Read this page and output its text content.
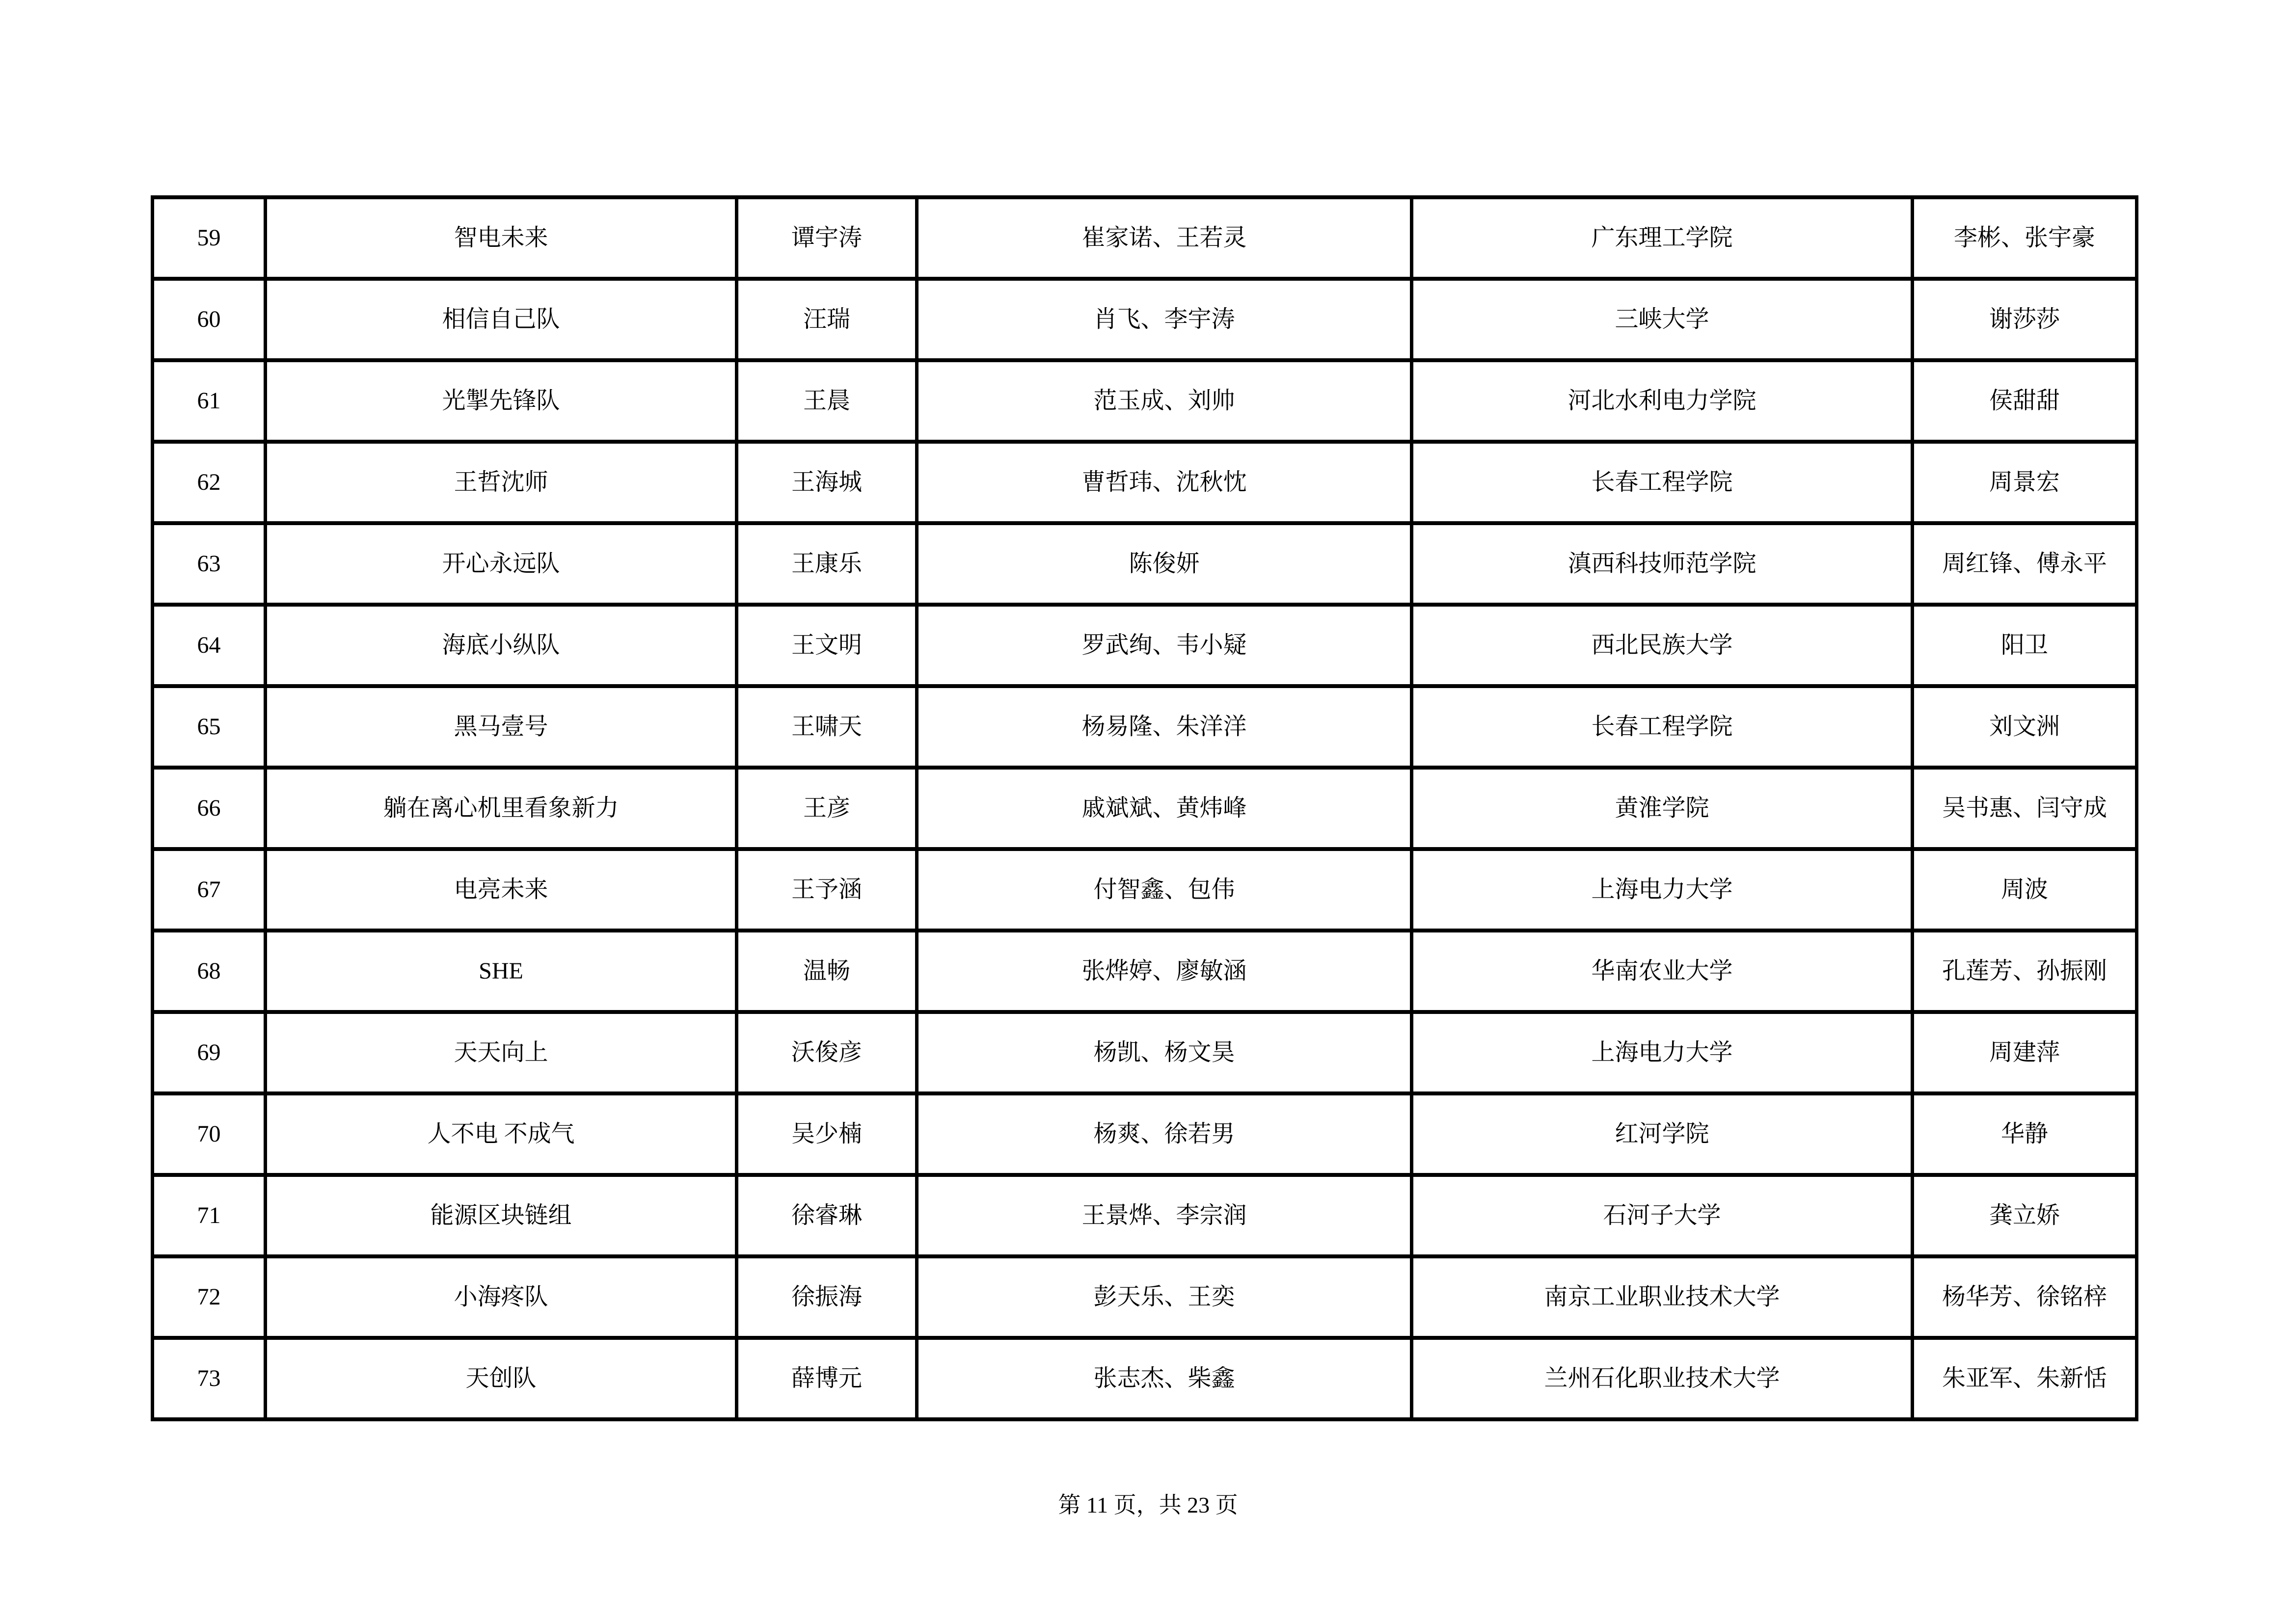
59	智电未来	谭宇涛	崔家诺、王若灵	广东理工学院	李彬、张宇豪
60	相信自己队	汪瑞	肖飞、李宇涛	三峡大学	谢莎莎
61	光掣先锋队	王晨	范玉成、刘帅	河北水利电力学院	侯甜甜
62	王哲沈师	王海城	曹哲玮、沈秋忱	长春工程学院	周景宏
63	开心永远队	王康乐	陈俊妍	滇西科技师范学院	周红锋、傅永平
64	海底小纵队	王文明	罗武绚、韦小疑	西北民族大学	阳卫
65	黑马壹号	王啸天	杨易隆、朱洋洋	长春工程学院	刘文洲
66	躺在离心机里看象新力	王彦	戚斌斌、黄炜峰	黄淮学院	吴书惠、闫守成
67	电亮未来	王予涵	付智鑫、包伟	上海电力大学	周波
68	SHE	温畅	张烨婷、廖敏涵	华南农业大学	孔莲芳、孙振刚
69	天天向上	沃俊彦	杨凯、杨文昊	上海电力大学	周建萍
70	人不电 不成气	吴少楠	杨爽、徐若男	红河学院	华静
71	能源区块链组	徐睿琳	王景烨、李宗润	石河子大学	龚立娇
72	小海疼队	徐振海	彭天乐、王奕	南京工业职业技术大学	杨华芳、徐铭梓
73	天创队	薛博元	张志杰、柴鑫	兰州石化职业技术大学	朱亚军、朱新恬
第 11 页，共 23 页
